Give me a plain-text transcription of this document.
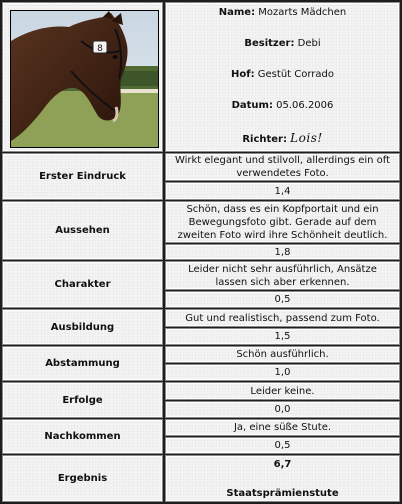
8
Name: Mozarts Mädchen
Besitzer: Debi
Hof: Gestüt Corrado
Datum: 05.06.2006
Richter: Lois!
Erster Eindruck
Wirkt elegant und stilvoll, allerdings ein oft verwendetes Foto.
1,4
Aussehen
Schön, dass es ein Kopfportait und ein Bewegungsfoto gibt. Gerade auf dem zweiten Foto wird ihre Schönheit deutlich.
1,8
Charakter
Leider nicht sehr ausführlich, Ansätze lassen sich aber erkennen.
0,5
Ausbildung
Gut und realistisch, passend zum Foto.
1,5
Abstammung
Schön ausführlich.
1,0
Erfolge
Leider keine.
0,0
Nachkommen
Ja, eine süße Stute.
0,5
Ergebnis
6,7
Staatsprämienstute
